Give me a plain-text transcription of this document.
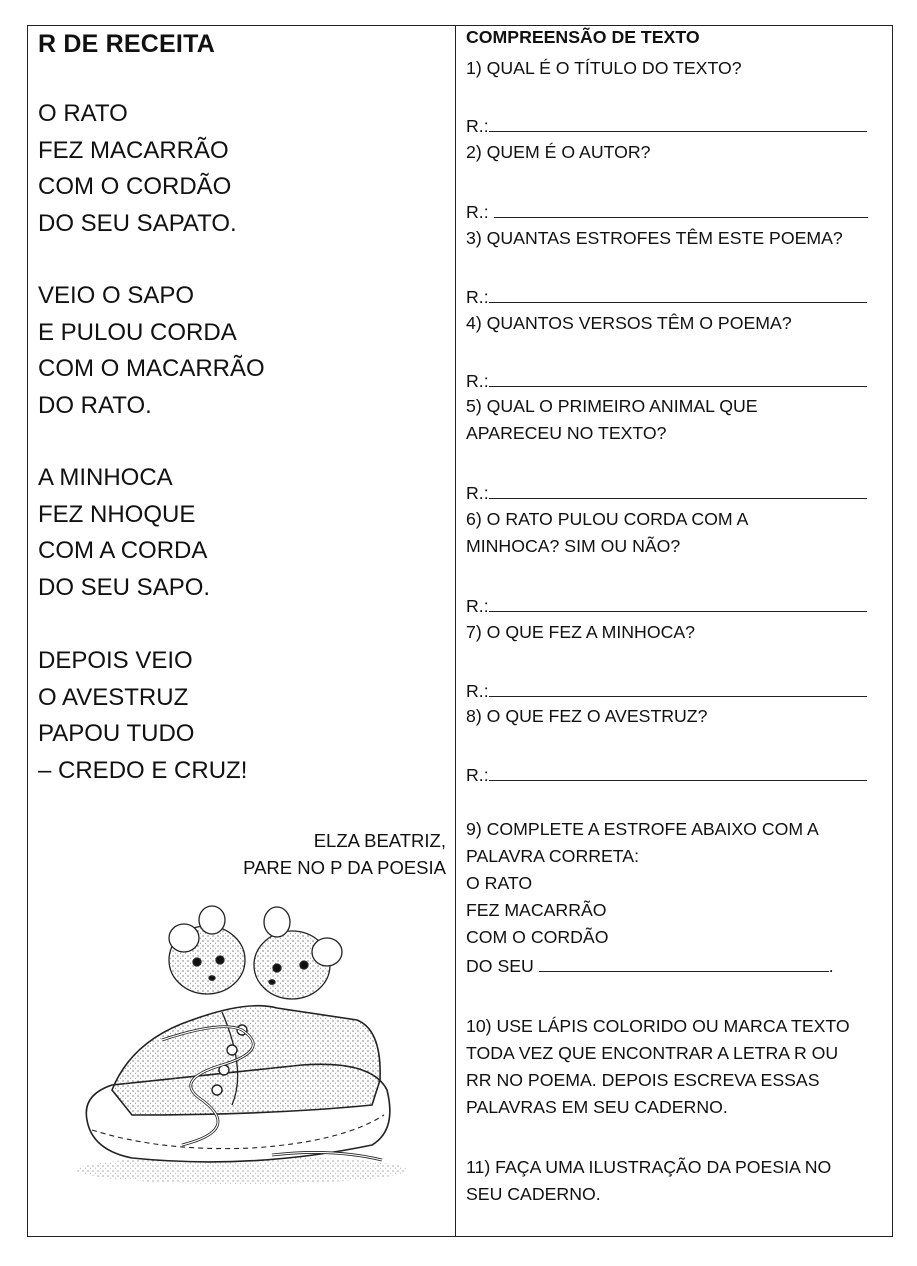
R DE RECEITA
O RATO
FEZ MACARRÃO
COM O CORDÃO
DO SEU SAPATO.
VEIO O SAPO
E PULOU CORDA
COM O MACARRÃO
DO RATO.
A MINHOCA
FEZ NHOQUE
COM A CORDA
DO SEU SAPO.
DEPOIS VEIO
O AVESTRUZ
PAPOU TUDO
– CREDO E CRUZ!
ELZA BEATRIZ,
PARE NO P DA POESIA
COMPREENSÃO DE TEXTO
1) QUAL É O TÍTULO DO TEXTO?
R.:
2) QUEM É O AUTOR?
R.:
3) QUANTAS ESTROFES TÊM ESTE POEMA?
R.:
4) QUANTOS VERSOS TÊM O POEMA?
R.:
5) QUAL O PRIMEIRO ANIMAL QUE
APARECEU NO TEXTO?
R.:
6) O RATO PULOU CORDA COM A
MINHOCA? SIM OU NÃO?
R.:
7) O QUE FEZ A MINHOCA?
R.:
8) O QUE FEZ O AVESTRUZ?
R.:
9) COMPLETE A ESTROFE ABAIXO COM A
PALAVRA CORRETA:
O RATO
FEZ MACARRÃO
COM O CORDÃO
DO SEU	.
10) USE LÁPIS COLORIDO OU MARCA TEXTO
TODA VEZ QUE ENCONTRAR A LETRA R OU
RR NO POEMA. DEPOIS ESCREVA ESSAS
PALAVRAS EM SEU CADERNO.
11) FAÇA UMA ILUSTRAÇÃO DA POESIA NO
SEU CADERNO.
